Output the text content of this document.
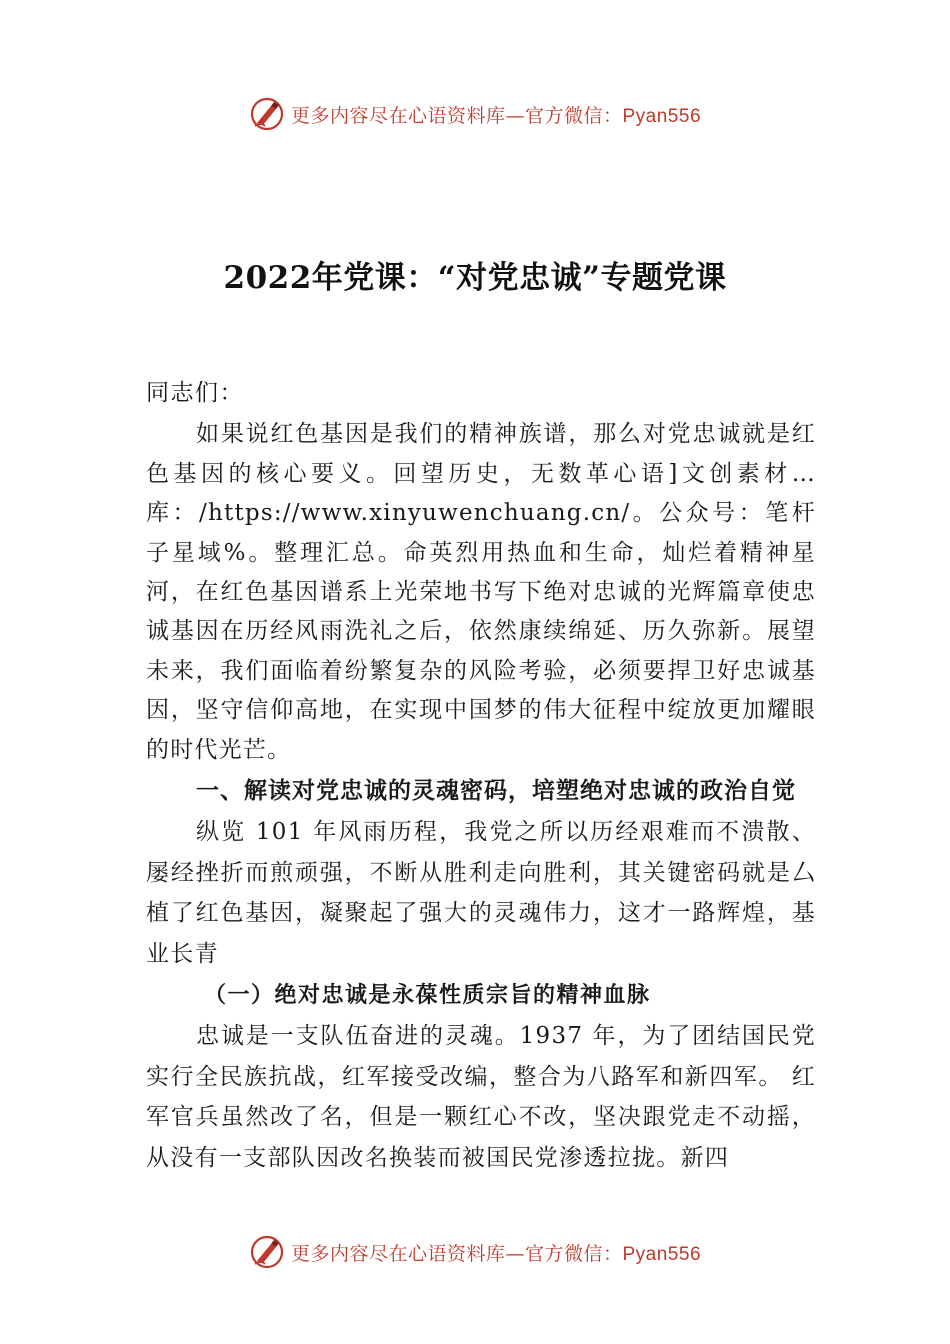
更多内容尽在心语资料库—官方微信：Pyan556
2022年党课：“对党忠诚”专题党课

同志们：

如果说红色基因是我们的精神族谱，那么对党忠诚就是红色基因的核心要义。回望历史，无数革心语]文创素材…库：/https://www.xinyuwenchuang.cn/。公众号：笔杆子星域%。整理汇总。命英烈用热血和生命，灿烂着精神星河，在红色基因谱系上光荣地书写下绝对忠诚的光辉篇章使忠诚基因在历经风雨洗礼之后，依然康续绵延、历久弥新。展望未来，我们面临着纷繁复杂的风险考验，必须要捍卫好忠诚基因，坚守信仰高地，在实现中国梦的伟大征程中绽放更加耀眼的时代光芒。

一、解读对党忠诚的灵魂密码，培塑绝对忠诚的政治自觉

纵览 101 年风雨历程，我党之所以历经艰难而不溃散、屡经挫折而煎顽强，不断从胜利走向胜利，其关键密码就是厶植了红色基因，凝聚起了强大的灵魂伟力，这才一路辉煌，基业长青

（一）绝对忠诚是永葆性质宗旨的精神血脉

忠诚是一支队伍奋进的灵魂。1937 年，为了团结国民党实行全民族抗战，红军接受改编，整合为八路军和新四军。 红军官兵虽然改了名，但是一颗红心不改，坚决跟党走不动摇，从没有一支部队因改名换装而被国民党渗透拉拢。新四

更多内容尽在心语资料库—官方微信：Pyan556
